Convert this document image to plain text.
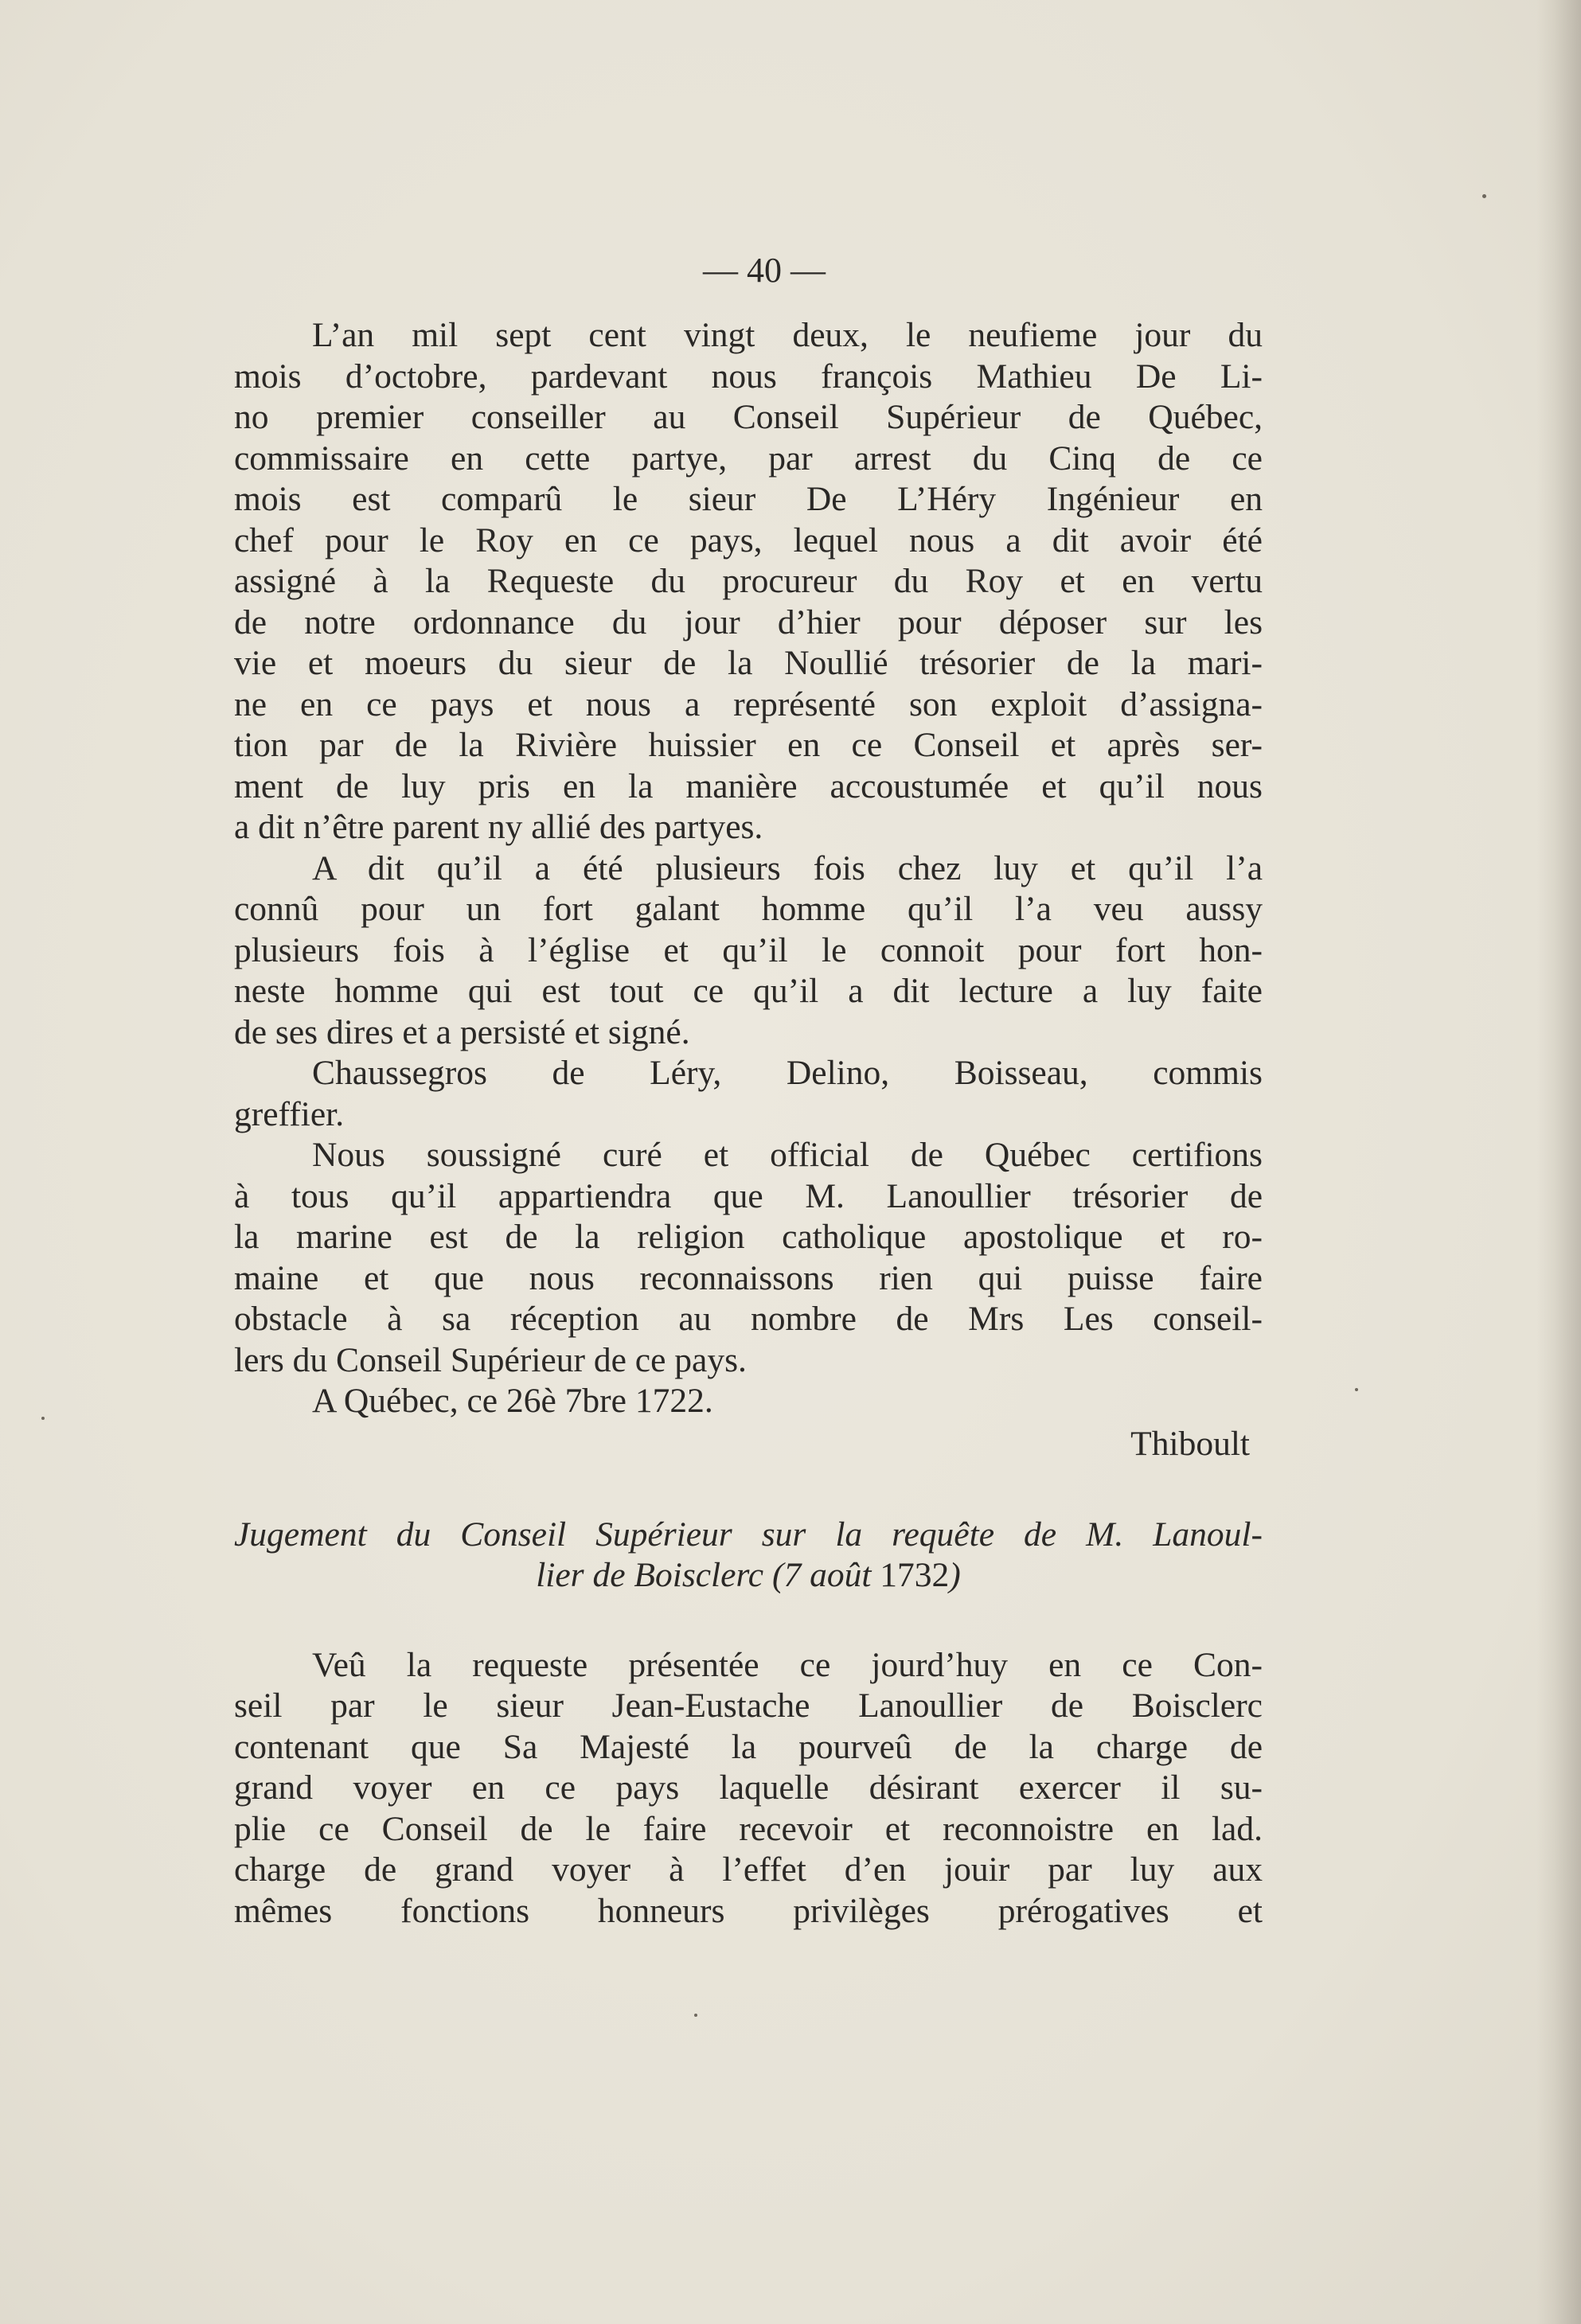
— 40 —
L’an mil sept cent vingt deux, le neufieme jour du
mois d’octobre, pardevant nous françois Mathieu De Li-
no premier conseiller au Conseil Supérieur de Québec,
commissaire en cette partye, par arrest du Cinq de ce
mois est comparû le sieur De L’Héry Ingénieur en
chef pour le Roy en ce pays, lequel nous a dit avoir été
assigné à la Requeste du procureur du Roy et en vertu
de notre ordonnance du jour d’hier pour déposer sur les
vie et moeurs du sieur de la Noullié trésorier de la mari-
ne en ce pays et nous a représenté son exploit d’assigna-
tion par de la Rivière huissier en ce Conseil et après ser-
ment de luy pris en la manière accoustumée et qu’il nous
a dit n’être parent ny allié des partyes.
A dit qu’il a été plusieurs fois chez luy et qu’il l’a
connû pour un fort galant homme qu’il l’a veu aussy
plusieurs fois à l’église et qu’il le connoit pour fort hon-
neste homme qui est tout ce qu’il a dit lecture a luy faite
de ses dires et a persisté et signé.
Chaussegros de Léry, Delino, Boisseau, commis
greffier.
Nous soussigné curé et official de Québec certifions
à tous qu’il appartiendra que M. Lanoullier trésorier de
la marine est de la religion catholique apostolique et ro-
maine et que nous reconnaissons rien qui puisse faire
obstacle à sa réception au nombre de Mrs Les conseil-
lers du Conseil Supérieur de ce pays.
A Québec, ce 26è 7bre 1722.
Thiboult
Jugement du Conseil Supérieur sur la requête de M. Lanoul-
lier de Boisclerc (7 août 1732)
Veû la requeste présentée ce jourd’huy en ce Con-
seil par le sieur Jean-Eustache Lanoullier de Boisclerc
contenant que Sa Majesté la pourveû de la charge de
grand voyer en ce pays laquelle désirant exercer il su-
plie ce Conseil de le faire recevoir et reconnoistre en lad.
charge de grand voyer à l’effet d’en jouir par luy aux
mêmes fonctions honneurs privilèges prérogatives et
